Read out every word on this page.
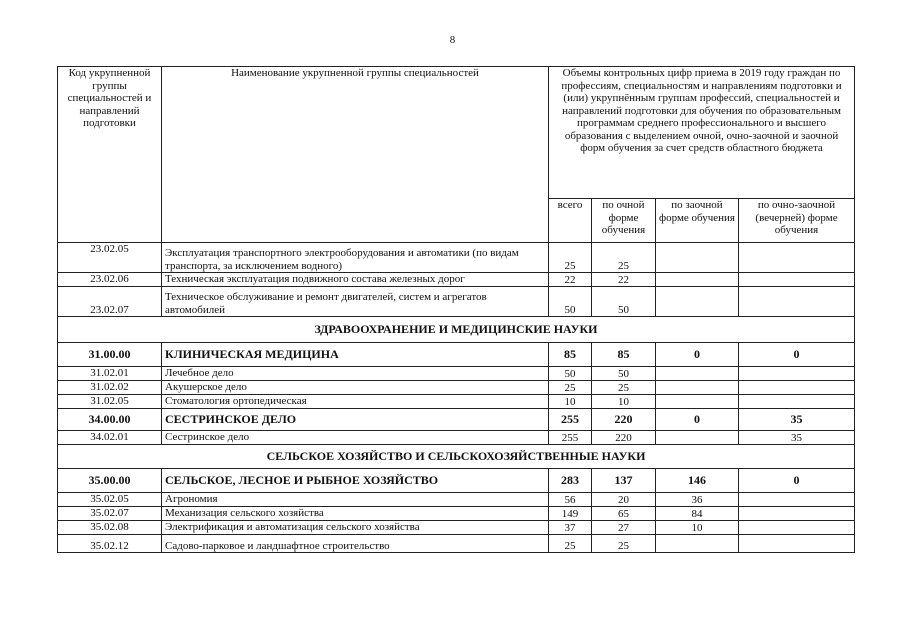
8
Код укрупненной группы специальностей и направлений подготовки	Наименование укрупненной группы специальностей	Объемы контрольных цифр приема в 2019 году граждан по профессиям, специальностям и направлениям подготовки и (или) укрупнённым группам профессий, специальностей и направлений подготовки для обучения по образовательным программам среднего профессионального и высшего образования с выделением очной, очно-заочной и заочной форм обучения за счет средств областного бюджета			
		всего	по очной форме обучения	по заочной форме обучения	по очно-заочной (вечерней) форме обучения
23.02.05	Эксплуатация транспортного электрооборудования и автоматики (по видам транспорта, за исключением водного)	25	25		
23.02.06	Техническая эксплуатация подвижного состава железных дорог	22	22		
23.02.07	Техническое обслуживание и ремонт двигателей, систем и агрегатов автомобилей	50	50		
ЗДРАВООХРАНЕНИЕ И МЕДИЦИНСКИЕ НАУКИ					
31.00.00	КЛИНИЧЕСКАЯ МЕДИЦИНА	85	85	0	0
31.02.01	Лечебное дело	50	50		
31.02.02	Акушерское дело	25	25		
31.02.05	Стоматология ортопедическая	10	10		
34.00.00	СЕСТРИНСКОЕ ДЕЛО	255	220	0	35
34.02.01	Сестринское дело	255	220		35
СЕЛЬСКОЕ ХОЗЯЙСТВО И СЕЛЬСКОХОЗЯЙСТВЕННЫЕ НАУКИ					
35.00.00	СЕЛЬСКОЕ, ЛЕСНОЕ И РЫБНОЕ ХОЗЯЙСТВО	283	137	146	0
35.02.05	Агрономия	56	20	36	
35.02.07	Механизация сельского хозяйства	149	65	84	
35.02.08	Электрификация и автоматизация сельского хозяйства	37	27	10	
35.02.12	Садово-парковое и ландшафтное строительство	25	25		
